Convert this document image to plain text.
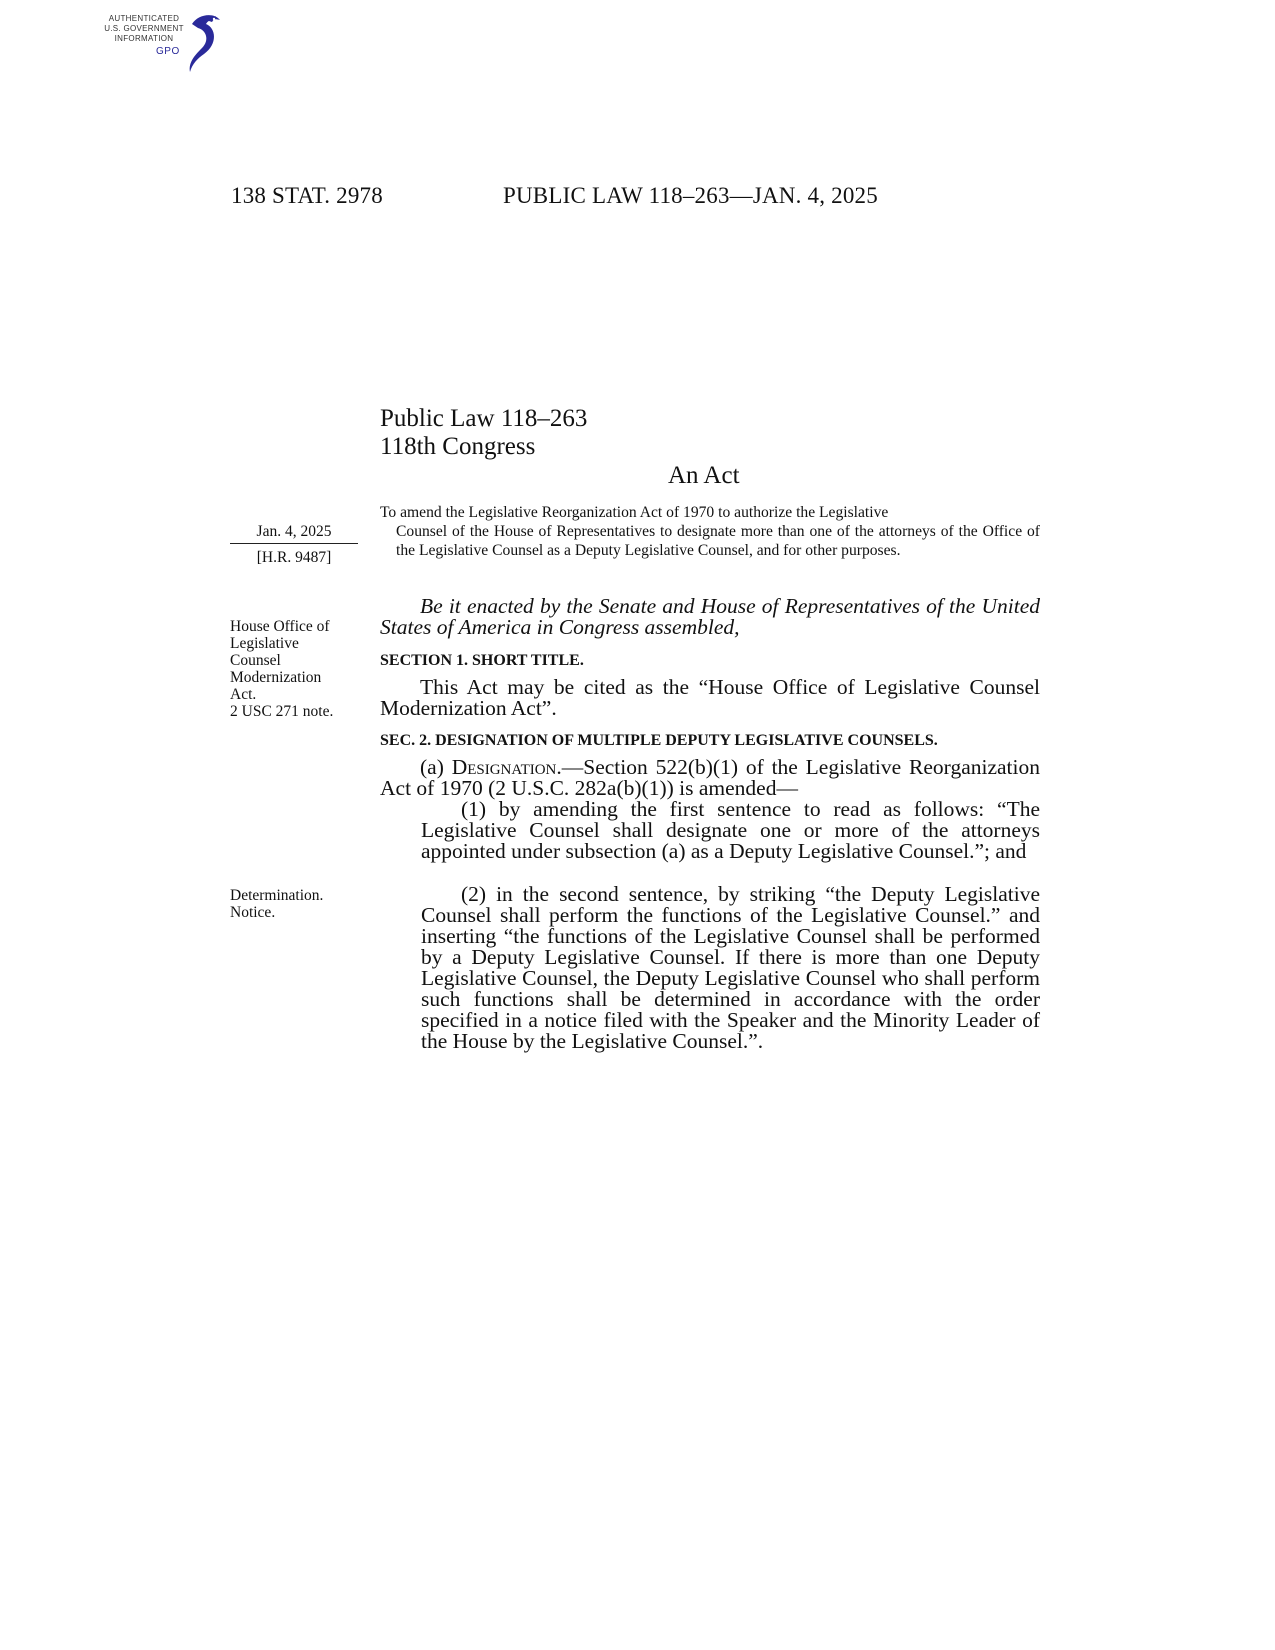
AUTHENTICATED
U.S. GOVERNMENT
INFORMATION
GPO
138 STAT. 2978	PUBLIC LAW 118–263—JAN. 4, 2025
Public Law 118–263
118th Congress
An Act
Jan. 4, 2025
[H.R. 9487]
House Office of
Legislative
Counsel
Modernization
Act.
2 USC 271 note.
Determination.
Notice.
To amend the Legislative Reorganization Act of 1970 to authorize the Legislative
Counsel of the House of Representatives to designate more than one of the attorneys of the Office of the Legislative Counsel as a Deputy Legislative Counsel, and for other purposes.
Be it enacted by the Senate and House of Representatives of the United States of America in Congress assembled,
SECTION 1. SHORT TITLE.
This Act may be cited as the “House Office of Legislative Counsel Modernization Act”.
SEC. 2. DESIGNATION OF MULTIPLE DEPUTY LEGISLATIVE COUNSELS.
(a) Designation.—Section 522(b)(1) of the Legislative Reorganization Act of 1970 (2 U.S.C. 282a(b)(1)) is amended—
(1) by amending the first sentence to read as follows: “The Legislative Counsel shall designate one or more of the attorneys appointed under subsection (a) as a Deputy Legislative Counsel.”; and
(2) in the second sentence, by striking “the Deputy Legislative Counsel shall perform the functions of the Legislative Counsel.” and inserting “the functions of the Legislative Counsel shall be performed by a Deputy Legislative Counsel. If there is more than one Deputy Legislative Counsel, the Deputy Legislative Counsel who shall perform such functions shall be determined in accordance with the order specified in a notice filed with the Speaker and the Minority Leader of the House by the Legislative Counsel.”.
